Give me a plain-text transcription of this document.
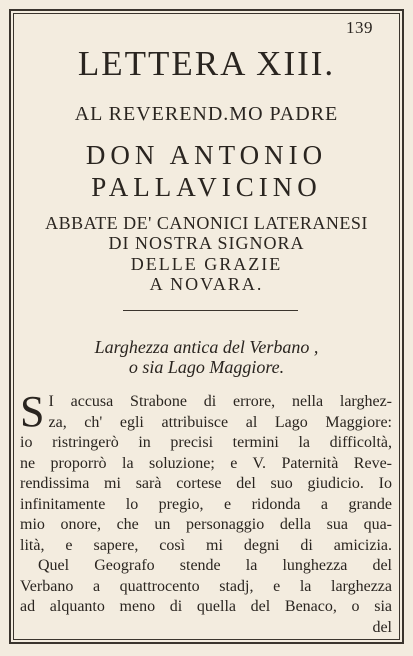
139
LETTERA XIII.
AL REVEREND.MO PADRE
DON ANTONIO
PALLAVICINO
ABBATE DE' CANONICI LATERANESI
DI NOSTRA SIGNORA
DELLE GRAZIE
A NOVARA.
Larghezza antica del Verbano ,
o sia Lago Maggiore.
S I accusa Strabone di errore, nella larghez-
za, ch' egli attribuisce al Lago Maggiore:
io ristringerò in precisi termini la difficoltà,
ne proporrò la soluzione; e V. Paternità Reve-
rendissima mi sarà cortese del suo giudicio. Io
infinitamente lo pregio, e ridonda a grande
mio onore, che un personaggio della sua qua-
lità, e sapere, così mi degni di amicizia.
Quel Geografo stende la lunghezza del
Verbano a quattrocento stadj, e la larghezza
ad alquanto meno di quella del Benaco, o sia
del
